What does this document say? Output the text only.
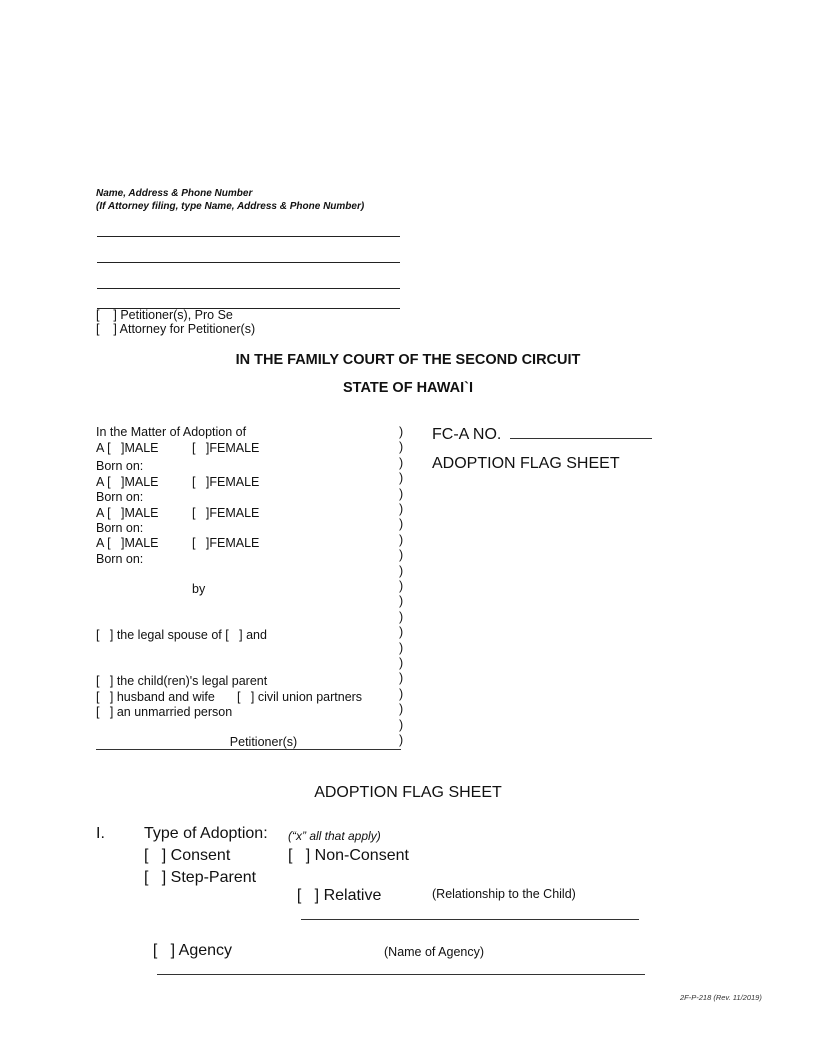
Name, Address & Phone Number
(If Attorney filing, type Name, Address & Phone Number)
[    ] Petitioner(s), Pro Se
[    ] Attorney for Petitioner(s)
IN THE FAMILY COURT OF THE SECOND CIRCUIT
STATE OF HAWAI`I
In the Matter of Adoption of
A [   ]MALE	[   ]FEMALE
Born on:
A [   ]MALE	[   ]FEMALE
Born on:
A [   ]MALE	[   ]FEMALE
Born on:
A [   ]MALE	[   ]FEMALE
Born on:
by
[   ] the legal spouse of [   ] and
[   ] the child(ren)'s legal parent
[   ] husband and wife [   ] civil union partners
[   ] an unmarried person
Petitioner(s)
)
)
)
)
)
)
)
)
)
)
)
)
)
)
)
)
)
)
)
)
)
FC-A NO.
ADOPTION FLAG SHEET
ADOPTION FLAG SHEET
I. Type of Adoption: (“x” all that apply)
[   ] Consent	[   ] Non-Consent
[   ] Step-Parent

[   ] Relative
	(Relationship to the Child)

[   ] Agency
	(Name of Agency)
2F-P-218 (Rev. 11/2019)
